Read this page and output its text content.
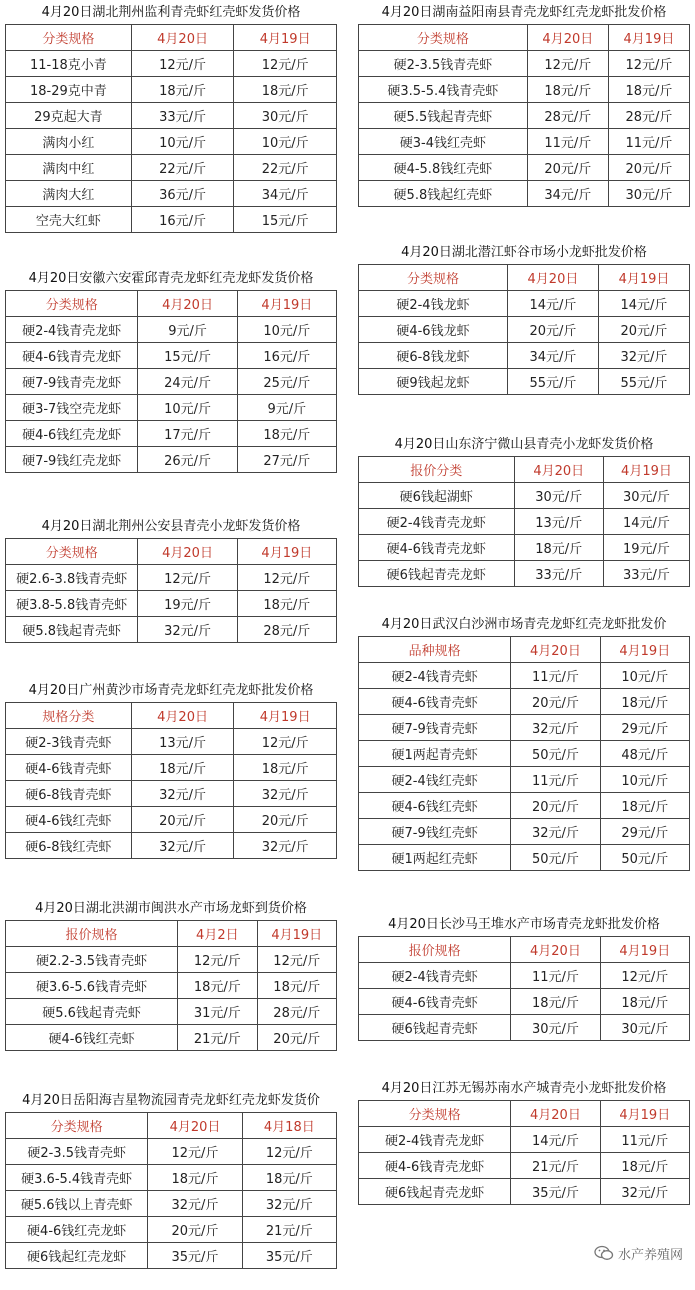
4月20日湖北荆州监利青壳虾红壳虾发货价格
分类规格	4月20日	4月19日
11-18克小青	12元/斤	12元/斤
18-29克中青	18元/斤	18元/斤
29克起大青	33元/斤	30元/斤
满肉小红	10元/斤	10元/斤
满肉中红	22元/斤	22元/斤
满肉大红	36元/斤	34元/斤
空壳大红虾	16元/斤	15元/斤
4月20日安徽六安霍邱青壳龙虾红壳龙虾发货价格
分类规格	4月20日	4月19日
硬2-4钱青壳龙虾	9元/斤	10元/斤
硬4-6钱青壳龙虾	15元/斤	16元/斤
硬7-9钱青壳龙虾	24元/斤	25元/斤
硬3-7钱空壳龙虾	10元/斤	9元/斤
硬4-6钱红壳龙虾	17元/斤	18元/斤
硬7-9钱红壳龙虾	26元/斤	27元/斤
4月20日湖北荆州公安县青壳小龙虾发货价格
分类规格	4月20日	4月19日
硬2.6-3.8钱青壳虾	12元/斤	12元/斤
硬3.8-5.8钱青壳虾	19元/斤	18元/斤
硬5.8钱起青壳虾	32元/斤	28元/斤
4月20日广州黄沙市场青壳龙虾红壳龙虾批发价格
规格分类	4月20日	4月19日
硬2-3钱青壳虾	13元/斤	12元/斤
硬4-6钱青壳虾	18元/斤	18元/斤
硬6-8钱青壳虾	32元/斤	32元/斤
硬4-6钱红壳虾	20元/斤	20元/斤
硬6-8钱红壳虾	32元/斤	32元/斤
4月20日湖北洪湖市闽洪水产市场龙虾到货价格
报价规格	4月2日	4月19日
硬2.2-3.5钱青壳虾	12元/斤	12元/斤
硬3.6-5.6钱青壳虾	18元/斤	18元/斤
硬5.6钱起青壳虾	31元/斤	28元/斤
硬4-6钱红壳虾	21元/斤	20元/斤
4月20日岳阳海吉星物流园青壳龙虾红壳龙虾发货价
分类规格	4月20日	4月18日
硬2-3.5钱青壳虾	12元/斤	12元/斤
硬3.6-5.4钱青壳虾	18元/斤	18元/斤
硬5.6钱以上青壳虾	32元/斤	32元/斤
硬4-6钱红壳龙虾	20元/斤	21元/斤
硬6钱起红壳龙虾	35元/斤	35元/斤
4月20日湖南益阳南县青壳龙虾红壳龙虾批发价格
分类规格	4月20日	4月19日
硬2-3.5钱青壳虾	12元/斤	12元/斤
硬3.5-5.4钱青壳虾	18元/斤	18元/斤
硬5.5钱起青壳虾	28元/斤	28元/斤
硬3-4钱红壳虾	11元/斤	11元/斤
硬4-5.8钱红壳虾	20元/斤	20元/斤
硬5.8钱起红壳虾	34元/斤	30元/斤
4月20日湖北潜江虾谷市场小龙虾批发价格
分类规格	4月20日	4月19日
硬2-4钱龙虾	14元/斤	14元/斤
硬4-6钱龙虾	20元/斤	20元/斤
硬6-8钱龙虾	34元/斤	32元/斤
硬9钱起龙虾	55元/斤	55元/斤
4月20日山东济宁微山县青壳小龙虾发货价格
报价分类	4月20日	4月19日
硬6钱起湖虾	30元/斤	30元/斤
硬2-4钱青壳龙虾	13元/斤	14元/斤
硬4-6钱青壳龙虾	18元/斤	19元/斤
硬6钱起青壳龙虾	33元/斤	33元/斤
4月20日武汉白沙洲市场青壳龙虾红壳龙虾批发价
品种规格	4月20日	4月19日
硬2-4钱青壳虾	11元/斤	10元/斤
硬4-6钱青壳虾	20元/斤	18元/斤
硬7-9钱青壳虾	32元/斤	29元/斤
硬1两起青壳虾	50元/斤	48元/斤
硬2-4钱红壳虾	11元/斤	10元/斤
硬4-6钱红壳虾	20元/斤	18元/斤
硬7-9钱红壳虾	32元/斤	29元/斤
硬1两起红壳虾	50元/斤	50元/斤
4月20日长沙马王堆水产市场青壳龙虾批发价格
报价规格	4月20日	4月19日
硬2-4钱青壳虾	11元/斤	12元/斤
硬4-6钱青壳虾	18元/斤	18元/斤
硬6钱起青壳虾	30元/斤	30元/斤
4月20日江苏无锡苏南水产城青壳小龙虾批发价格
分类规格	4月20日	4月19日
硬2-4钱青壳龙虾	14元/斤	11元/斤
硬4-6钱青壳龙虾	21元/斤	18元/斤
硬6钱起青壳龙虾	35元/斤	32元/斤
水产养殖网
